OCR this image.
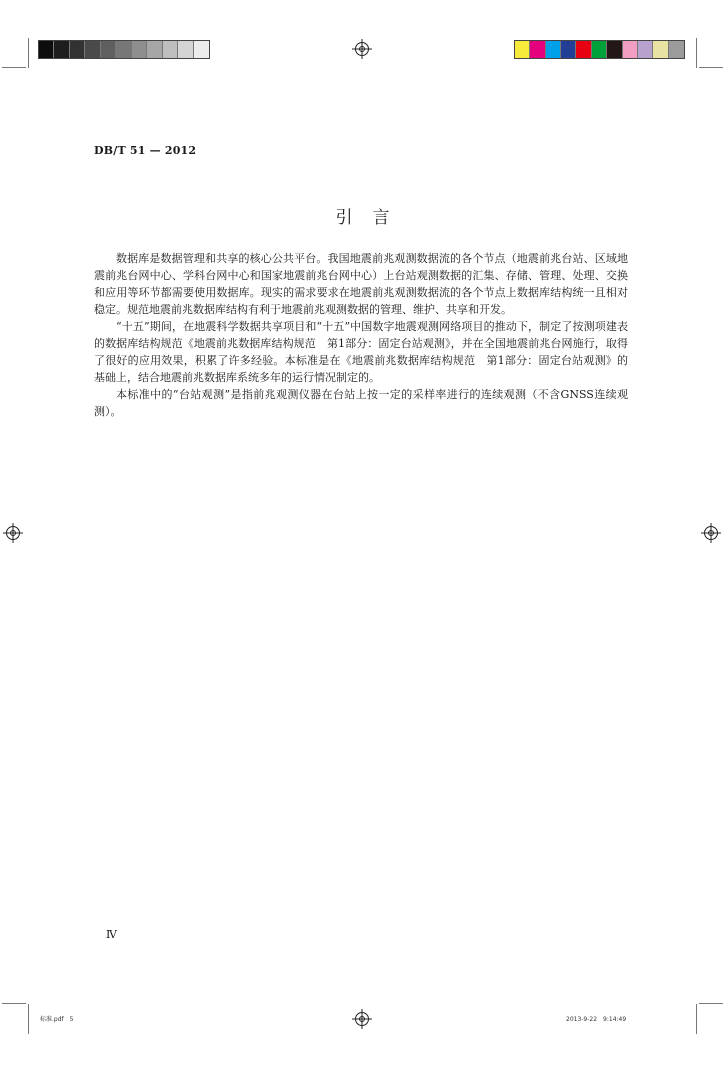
DB/T 51 — 2012
引言

数据库是数据管理和共享的核心公共平台。我国地震前兆观测数据流的各个节点（地震前兆台站、区域地震前兆台网中心、学科台网中心和国家地震前兆台网中心）上台站观测数据的汇集、存储、管理、处理、交换和应用等环节都需要使用数据库。现实的需求要求在地震前兆观测数据流的各个节点上数据库结构统一且相对稳定。规范地震前兆数据库结构有利于地震前兆观测数据的管理、维护、共享和开发。

“十五”期间，在地震科学数据共享项目和“十五”中国数字地震观测网络项目的推动下，制定了按测项建表的数据库结构规范《地震前兆数据库结构规范　第1部分：固定台站观测》，并在全国地震前兆台网施行，取得了很好的应用效果，积累了许多经验。本标准是在《地震前兆数据库结构规范　第1部分：固定台站观测》的基础上，结合地震前兆数据库系统多年的运行情况制定的。

本标准中的“台站观测”是指前兆观测仪器在台站上按一定的采样率进行的连续观测（不含GNSS连续观测）。

Ⅳ
标准.pdf　5	2013-9-22　9:14:49
